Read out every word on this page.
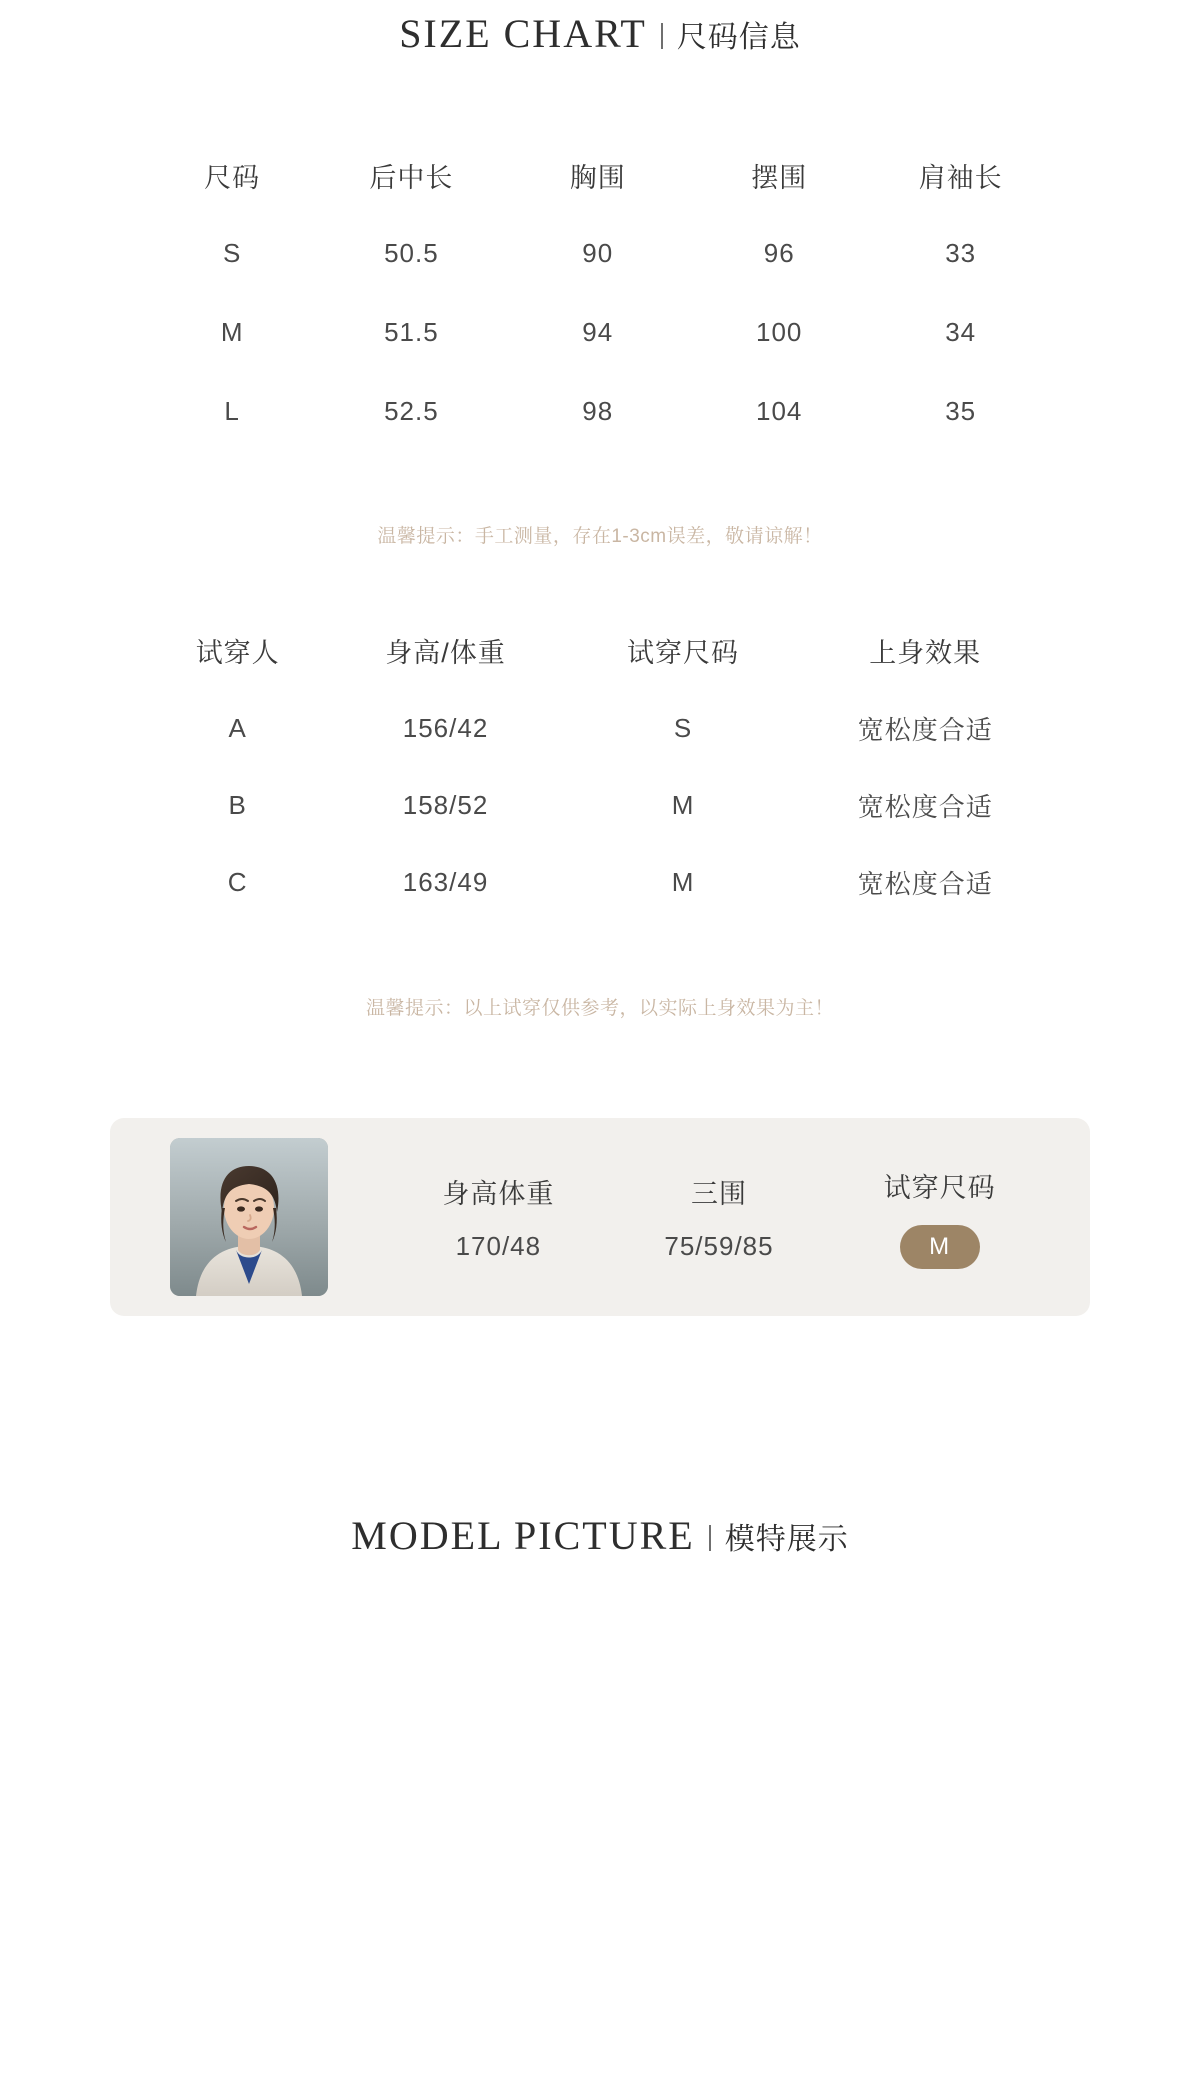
SIZE CHART 尺码信息
尺码	后中长	胸围	摆围	肩袖长
S	50.5	90	96	33
M	51.5	94	100	34
L	52.5	98	104	35
温馨提示：手工测量，存在1-3cm误差，敬请谅解！
试穿人	身高/体重	试穿尺码	上身效果
A	156/42	S	宽松度合适
B	158/52	M	宽松度合适
C	163/49	M	宽松度合适
温馨提示：以上试穿仅供参考，以实际上身效果为主！
身高体重
170/48
三围
75/59/85
试穿尺码
M
MODEL PICTURE 模特展示
